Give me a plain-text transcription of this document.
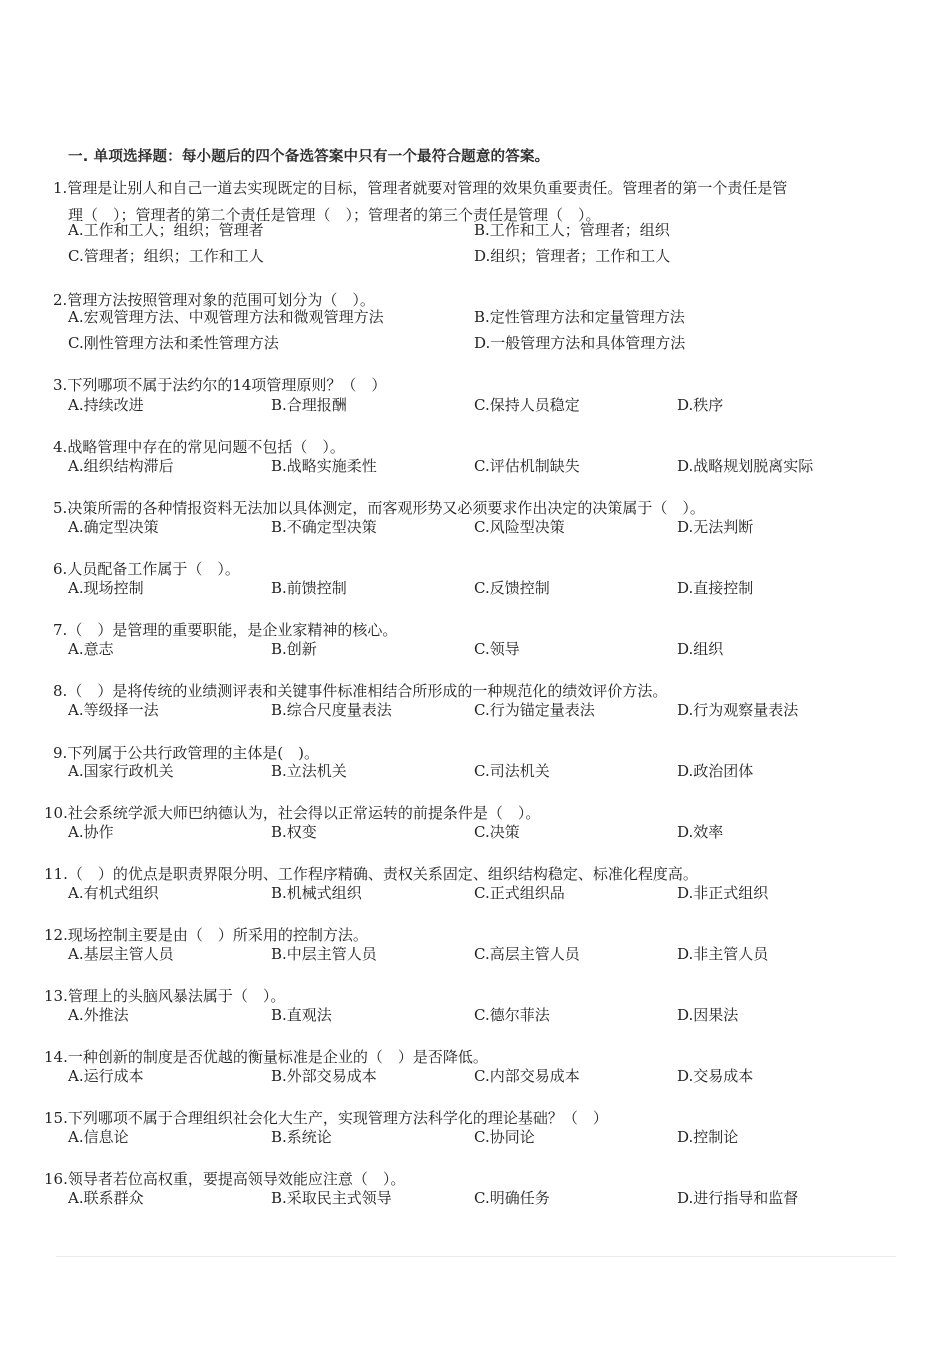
一. 单项选择题：每小题后的四个备选答案中只有一个最符合题意的答案。
1.管理是让别人和自己一道去实现既定的目标，管理者就要对管理的效果负重要责任。管理者的第一个责任是管
理（　）；管理者的第二个责任是管理（　）；管理者的第三个责任是管理（　）。
A.工作和工人；组织；管理者	B.工作和工人；管理者；组织
C.管理者；组织；工作和工人	D.组织；管理者；工作和工人
2.管理方法按照管理对象的范围可划分为（　）。
A.宏观管理方法、中观管理方法和微观管理方法	B.定性管理方法和定量管理方法
C.刚性管理方法和柔性管理方法	D.一般管理方法和具体管理方法
3.下列哪项不属于法约尔的14项管理原则？（　）
A.持续改进	B.合理报酬	C.保持人员稳定	D.秩序
4.战略管理中存在的常见问题不包括（　）。
A.组织结构滞后	B.战略实施柔性	C.评估机制缺失	D.战略规划脱离实际
5.决策所需的各种情报资料无法加以具体测定，而客观形势又必须要求作出决定的决策属于（　）。
A.确定型决策	B.不确定型决策	C.风险型决策	D.无法判断
6.人员配备工作属于（　）。
A.现场控制	B.前馈控制	C.反馈控制	D.直接控制
7.（　）是管理的重要职能，是企业家精神的核心。
A.意志	B.创新	C.领导	D.组织
8.（　）是将传统的业绩测评表和关键事件标准相结合所形成的一种规范化的绩效评价方法。
A.等级择一法	B.综合尺度量表法	C.行为锚定量表法	D.行为观察量表法
9.下列属于公共行政管理的主体是(　)。
A.国家行政机关	B.立法机关	C.司法机关	D.政治团体
10.社会系统学派大师巴纳德认为，社会得以正常运转的前提条件是（　）。
A.协作	B.权变	C.决策	D.效率
11.（　）的优点是职责界限分明、工作程序精确、责权关系固定、组织结构稳定、标准化程度高。
A.有机式组织	B.机械式组织	C.正式组织品	D.非正式组织
12.现场控制主要是由（　）所采用的控制方法。
A.基层主管人员	B.中层主管人员	C.高层主管人员	D.非主管人员
13.管理上的头脑风暴法属于（　）。
A.外推法	B.直观法	C.德尔菲法	D.因果法
14.一种创新的制度是否优越的衡量标准是企业的（　）是否降低。
A.运行成本	B.外部交易成本	C.内部交易成本	D.交易成本
15.下列哪项不属于合理组织社会化大生产，实现管理方法科学化的理论基础？（　）
A.信息论	B.系统论	C.协同论	D.控制论
16.领导者若位高权重，要提高领导效能应注意（　）。
A.联系群众	B.采取民主式领导	C.明确任务	D.进行指导和监督
